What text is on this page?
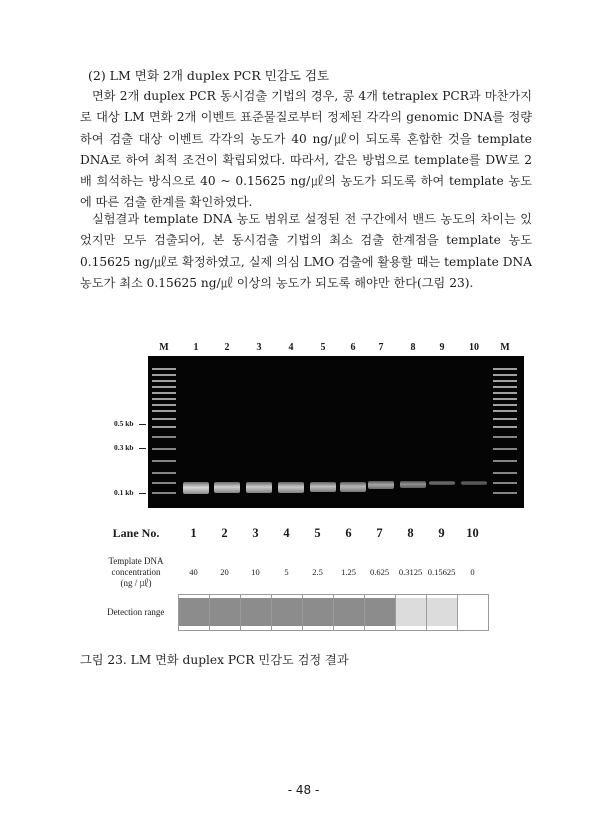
(2) LM 면화 2개 duplex PCR 민감도 검토

면화 2개 duplex PCR 동시검출 기법의 경우, 콩 4개 tetraplex PCR과 마찬가지로 대상 LM 면화 2개 이벤트 표준물질로부터 정제된 각각의 genomic DNA를 정량하여 검출 대상 이벤트 각각의 농도가 40 ng/㎕이 되도록 혼합한 것을 template DNA로 하여 최적 조건이 확립되었다. 따라서, 같은 방법으로 template를 DW로 2배 희석하는 방식으로 40 ~ 0.15625 ng/㎕의 농도가 되도록 하여 template 농도에 따른 검출 한계를 확인하였다.

실험결과 template DNA 농도 범위로 설정된 전 구간에서 밴드 농도의 차이는 있었지만 모두 검출되어, 본 동시검출 기법의 최소 검출 한계점을 template 농도 0.15625 ng/㎕로 확정하였고, 실제 의심 LMO 검출에 활용할 때는 template DNA 농도가 최소 0.15625 ng/㎕ 이상의 농도가 되도록 해야만 한다(그림 23).

M 1	2	3	4	5	6 7	8 9 10 M
0.5 kb
0.3 kb
0.1 kb
Lane No.	1	2	3	4	5	6	7	8	9	10

Template DNA
concentration
(ng / ㎕)	40	20	10	5	2.5	1.25	0.625	0.3125	0.15625	0
Detection range	

그림 23. LM 면화 duplex PCR 민감도 검정 결과
- 48 -
